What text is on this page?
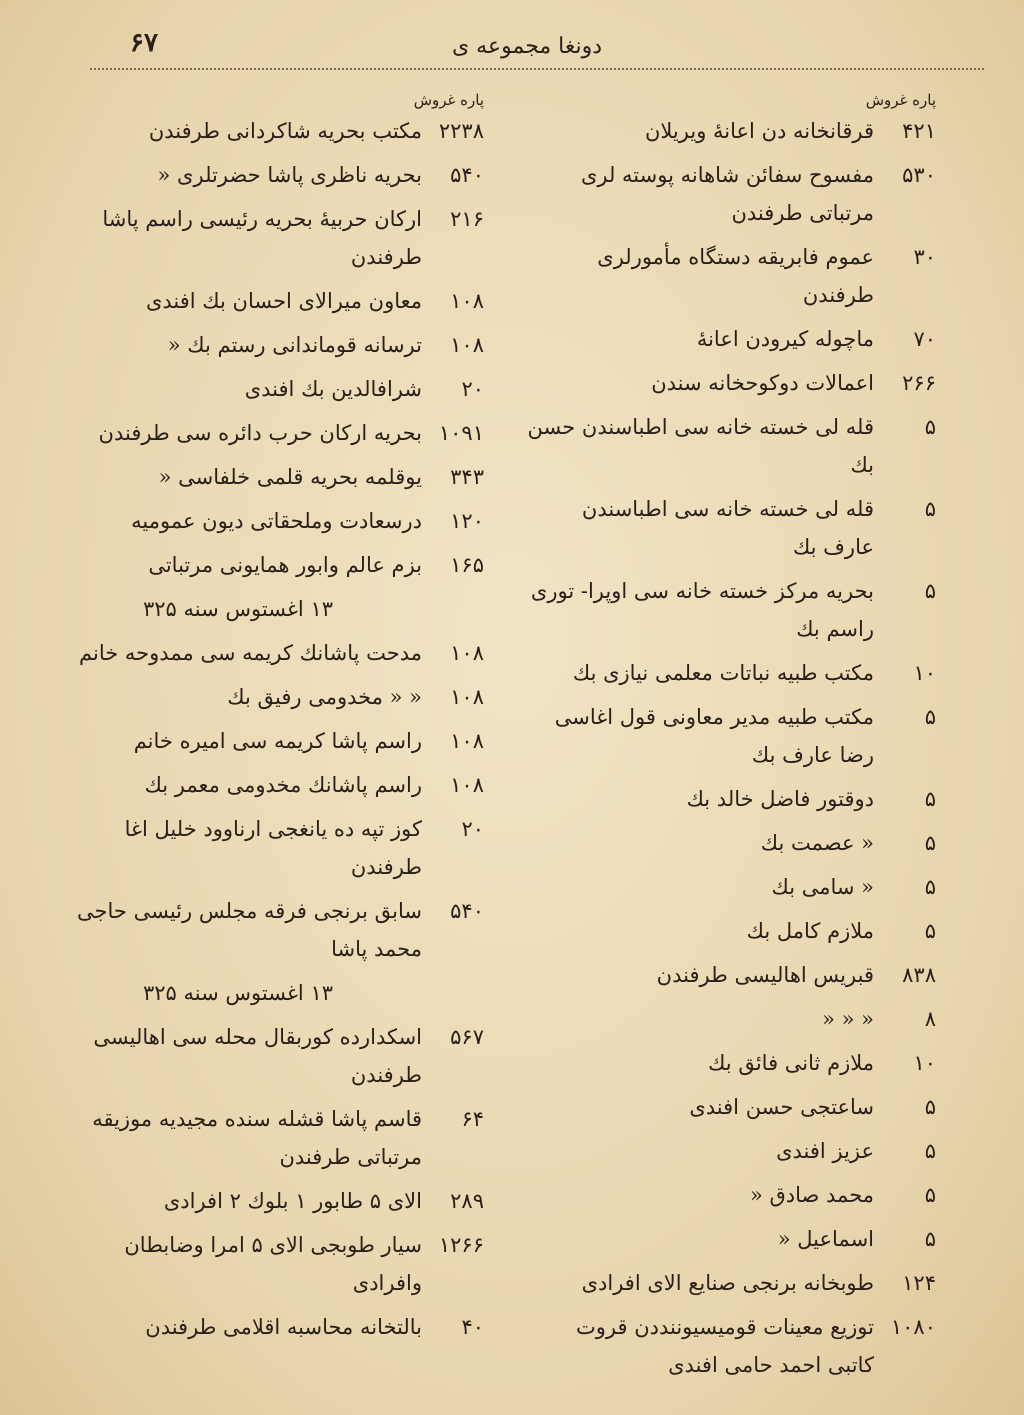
دونغا مجموعه ی
۶۷
پاره غروش
۴۲۱
قرقانخانه دن اعانهٔ ویریلان
۵۳۰
مفسوح سفائن شاهانه پوسته لری مرتباتی طرفندن
۳۰
عموم فابریقه دستگاه مأمورلری طرفندن
۷۰
ماچوله کیرودن اعانهٔ
۲۶۶
اعمالات دوکوحخانه سندن
۵
قله لی خسته خانه سی اطباسندن حسن بك
۵
قله لی خسته خانه سی اطباسندن عارف بك
۵
بحریه مرکز خسته خانه سی اوپرا- توری راسم بك
۱۰
مکتب طبیه نباتات معلمی نیازی بك
۵
مکتب طبیه مدیر معاونی قول اغاسی رضا عارف بك
۵
دوقتور فاضل خالد بك
۵
« عصمت بك
۵
« سامی بك
۵
ملازم کامل بك
۸۳۸
قبریس اهالیسی طرفندن
۸
« « «
۱۰
ملازم ثانی فائق بك
۵
ساعتجی حسن افندی
۵
عزیز افندی
۵
محمد صادق «
۵
اسماعیل «
۱۲۴
طوبخانه برنجی صنایع الای افرادی
۱۰۸۰
توزیع معینات قومیسیوننددن قروت کاتبی احمد حامی افندی
پاره غروش
۲۲۳۸
مکتب بحریه شاکردانی طرفندن
۵۴۰
بحریه ناظری پاشا حضرتلری «
۲۱۶
ارکان حربیهٔ بحریه رئیسی راسم پاشا طرفندن
۱۰۸
معاون میرالای احسان بك افندی
۱۰۸
ترسانه قوماندانی رستم بك «
۲۰
شرافالدین بك افندی
۱۰۹۱
بحریه ارکان حرب دائره سی طرفندن
۳۴۳
یوقلمه بحریه قلمی خلفاسی «
۱۲۰
درسعادت وملحقاتی دیون عمومیه
۱۶۵
بزم عالم وابور همایونی مرتباتی
۱۳ اغستوس سنه ۳۲۵
۱۰۸
مدحت پاشانك كريمه سی ممدوحه خانم
۱۰۸
« « مخدومی رفیق بك
۱۰۸
راسم پاشا كريمه سی امیره خانم
۱۰۸
راسم پاشانك مخدومی معمر بك
۲۰
کوز تپه ده یانغجی ارناوود خلیل اغا طرفندن
۵۴۰
سابق برنجی فرقه مجلس رئیسی حاجی محمد پاشا
۱۳ اغستوس سنه ۳۲۵
۵۶۷
اسکدارده کوربقال محله سی اهالیسی طرفندن
۶۴
قاسم پاشا قشله سنده مجیدیه موزیقه مرتباتی طرفندن
۲۸۹
الای ۵ طابور ۱ بلوك ۲ افرادی
۱۲۶۶
سیار طوبجی الای ۵ امرا وضابطان وافرادی
۴۰
بالتخانه محاسبه اقلامی طرفندن
